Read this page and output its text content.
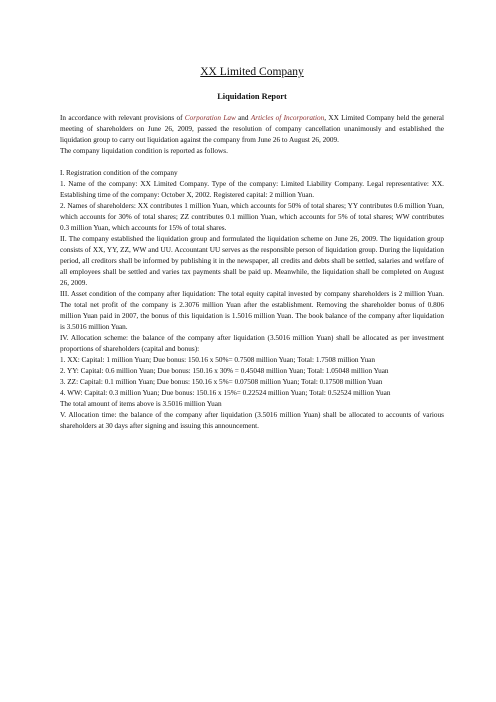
XX Limited Company
Liquidation Report

In accordance with relevant provisions of Corporation Law and Articles of Incorporation, XX Limited Company held the general meeting of shareholders on June 26, 2009, passed the resolution of company cancellation unanimously and established the liquidation group to carry out liquidation against the company from June 26 to August 26, 2009.

The company liquidation condition is reported as follows.

I. Registration condition of the company

1. Name of the company: XX Limited Company. Type of the company: Limited Liability Company. Legal representative: XX. Establishing time of the company: October X, 2002. Registered capital: 2 million Yuan.

2. Names of shareholders: XX contributes 1 million Yuan, which accounts for 50% of total shares; YY contributes 0.6 million Yuan, which accounts for 30% of total shares; ZZ contributes 0.1 million Yuan, which accounts for 5% of total shares; WW contributes 0.3 million Yuan, which accounts for 15% of total shares.

II. The company established the liquidation group and formulated the liquidation scheme on June 26, 2009. The liquidation group consists of XX, YY, ZZ, WW and UU. Accountant UU serves as the responsible person of liquidation group. During the liquidation period, all creditors shall be informed by publishing it in the newspaper, all credits and debts shall be settled, salaries and welfare of all employees shall be settled and varies tax payments shall be paid up. Meanwhile, the liquidation shall be completed on August 26, 2009.

III. Asset condition of the company after liquidation: The total equity capital invested by company shareholders is 2 million Yuan. The total net profit of the company is 2.3076 million Yuan after the establishment. Removing the shareholder bonus of 0.806 million Yuan paid in 2007, the bonus of this liquidation is 1.5016 million Yuan. The book balance of the company after liquidation is 3.5016 million Yuan.

IV. Allocation scheme: the balance of the company after liquidation (3.5016 million Yuan) shall be allocated as per investment proportions of shareholders (capital and bonus):

1. XX: Capital: 1 million Yuan; Due bonus: 150.16 x 50%= 0.7508 million Yuan; Total: 1.7508 million Yuan

2. YY: Capital: 0.6 million Yuan; Due bonus: 150.16 x 30% = 0.45048 million Yuan; Total: 1.05048 million Yuan

3. ZZ: Capital: 0.1 million Yuan; Due bonus: 150.16 x 5%= 0.07508 million Yuan; Total: 0.17508 million Yuan

4. WW: Capital: 0.3 million Yuan; Due bonus: 150.16 x 15%= 0.22524 million Yuan; Total: 0.52524 million Yuan

The total amount of items above is 3.5016 million Yuan

V. Allocation time: the balance of the company after liquidation (3.5016 million Yuan) shall be allocated to accounts of various shareholders at 30 days after signing and issuing this announcement.
